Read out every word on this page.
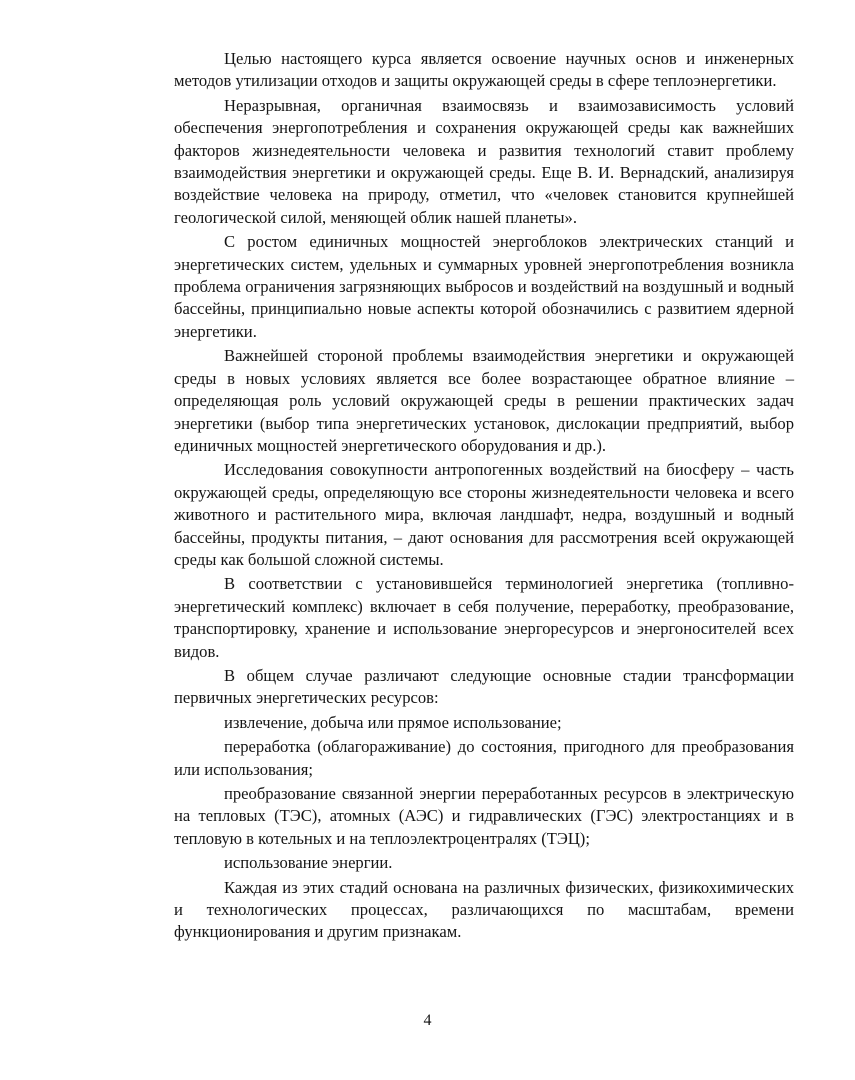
Целью настоящего курса является освоение научных основ и инженерных методов утилизации отходов и защиты окружающей среды в сфере теплоэнергетики.

Неразрывная, органичная взаимосвязь и взаимозависимость условий обеспечения энергопотребления и сохранения окружающей среды как важнейших факторов жизнедеятельности человека и развития технологий ставит проблему взаимодействия энергетики и окружающей среды. Еще В. И. Вернадский, анализируя воздействие человека на природу, отметил, что «человек становится крупнейшей геологической силой, меняющей облик нашей планеты».

С ростом единичных мощностей энергоблоков электрических станций и энергетических систем, удельных и суммарных уровней энергопотребления возникла проблема ограничения загрязняющих выбросов и воздействий на воздушный и водный бассейны, принципиально новые аспекты которой обозначились с развитием ядерной энергетики.

Важнейшей стороной проблемы взаимодействия энергетики и окружающей среды в новых условиях является все более возрастающее обратное влияние – определяющая роль условий окружающей среды в решении практических задач энергетики (выбор типа энергетических установок, дислокации предприятий, выбор единичных мощностей энергетического оборудования и др.).

Исследования совокупности антропогенных воздействий на биосферу – часть окружающей среды, определяющую все стороны жизнедеятельности человека и всего животного и растительного мира, включая ландшафт, недра, воздушный и водный бассейны, продукты питания, – дают основания для рассмотрения всей окружающей среды как большой сложной системы.

В соответствии с установившейся терминологией энергетика (топливно-энергетический комплекс) включает в себя получение, переработку, преобразование, транспортировку, хранение и использование энергоресурсов и энергоносителей всех видов.

В общем случае различают следующие основные стадии трансформации первичных энергетических ресурсов:

извлечение, добыча или прямое использование;

переработка (облагораживание) до состояния, пригодного для преобразования или использования;

преобразование связанной энергии переработанных ресурсов в электрическую на тепловых (ТЭС), атомных (АЭС) и гидравлических (ГЭС) электростанциях и в тепловую в котельных и на теплоэлектроцентралях (ТЭЦ);

использование энергии.

Каждая из этих стадий основана на различных физических, физикохимических и технологических процессах, различающихся по масштабам, времени функционирования и другим признакам.

4
